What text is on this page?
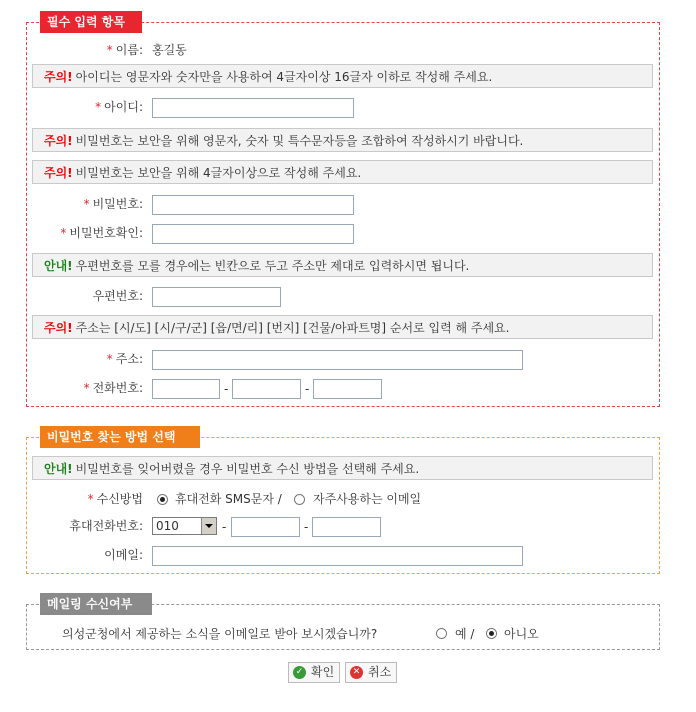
필수 입력 항목
* 이름: 홍길동
주의! 아이디는 영문자와 숫자만을 사용하여 4글자이상 16글자 이하로 작성해 주세요.
* 아이디:
주의! 비밀번호는 보안을 위해 영문자, 숫자 및 특수문자등을 조합하여 작성하시기 바랍니다.
주의! 비밀번호는 보안을 위해 4글자이상으로 작성해 주세요.
* 비밀번호:
* 비밀번호확인:
안내! 우편번호를 모를 경우에는 빈칸으로 두고 주소만 제대로 입력하시면 됩니다.
우편번호:
주의! 주소는 [시/도] [시/구/군] [읍/면/리] [번지] [건물/아파트명] 순서로 입력 해 주세요.
* 주소:
* 전화번호:	-	-
비밀번호 찾는 방법 선택
안내! 비밀번호를 잊어버렸을 경우 비밀번호 수신 방법을 선택해 주세요.
* 수신방법	휴대전화 SMS문자 /	자주사용하는 이메일
휴대전화번호:	010	-	-
이메일:
메일링 수신여부
의성군청에서 제공하는 소식을 이메일로 받아 보시겠습니까?	예 / 아니오
✓ 확인	✕ 취소
